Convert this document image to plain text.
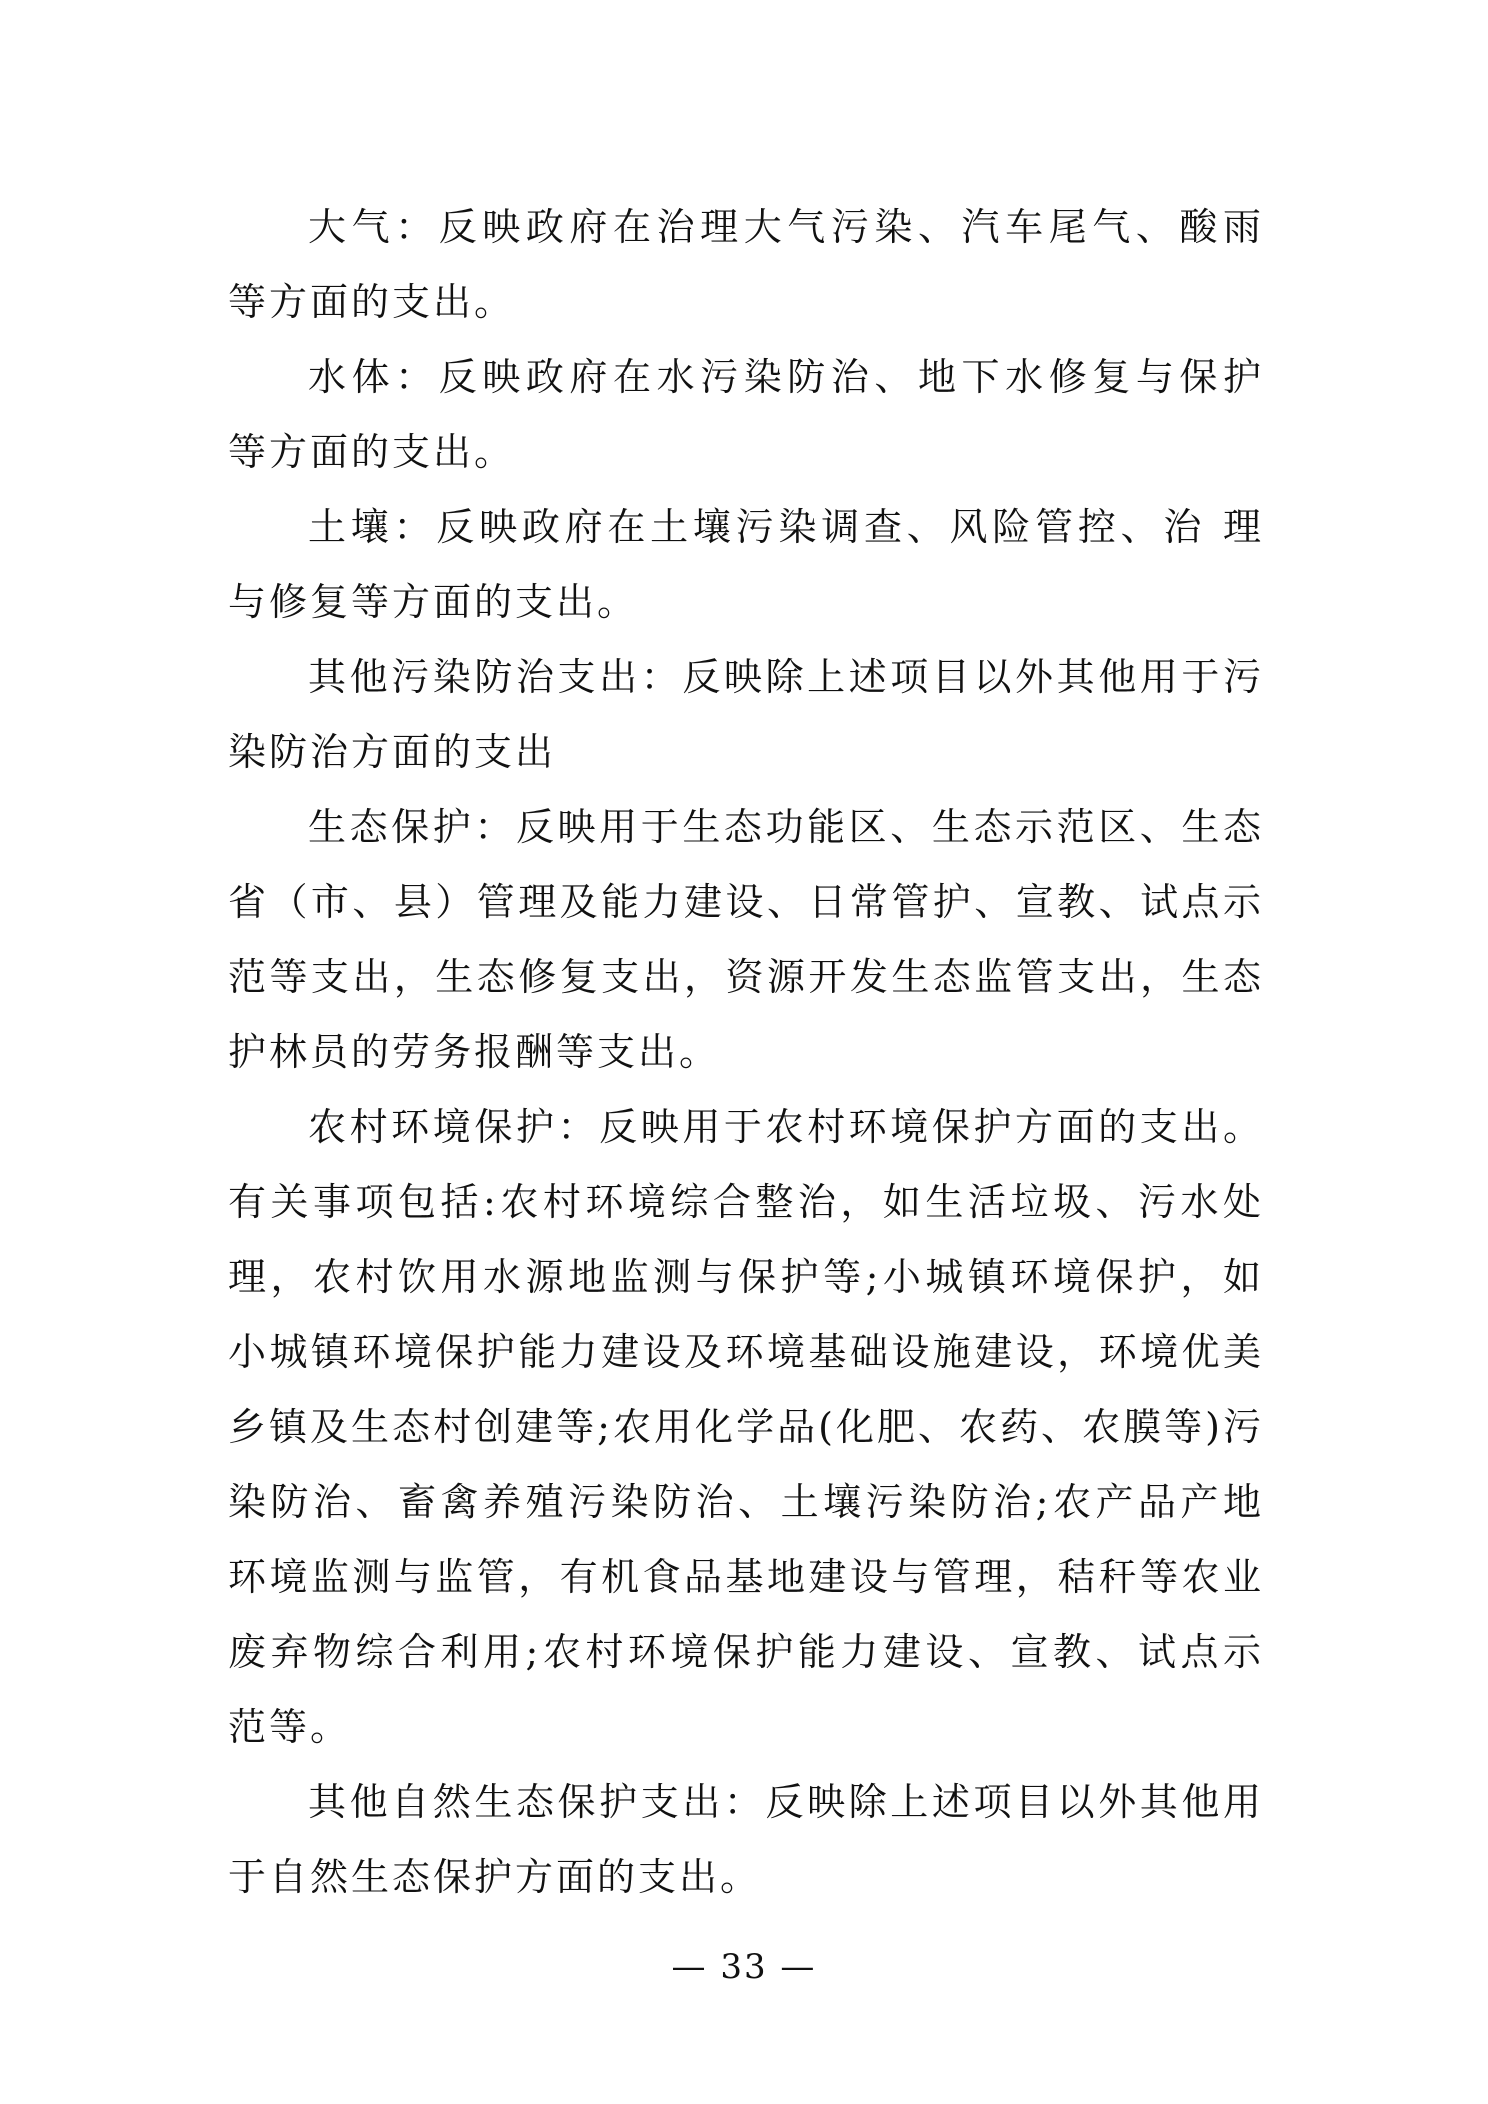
大气：反映政府在治理大气污染、汽车尾气、酸雨 等方面的支出。

水体：反映政府在水污染防治、地下水修复与保护 等方面的支出。

土壤：反映政府在土壤污染调查、风险管控、治 理与修复等方面的支出。

其他污染防治支出：反映除上述项目以外其他用于污染防治方面的支出

生态保护：反映用于生态功能区、生态示范区、生态省（市、县）管理及能力建设、日常管护、宣教、试点示范等支出，生态修复支出，资源开发生态监管支出，生态护林员的劳务报酬等支出。

农村环境保护：反映用于农村环境保护方面的支出。有关事项包括:农村环境综合整治，如生活垃圾、污水处理，农村饮用水源地监测与保护等;小城镇环境保护，如小城镇环境保护能力建设及环境基础设施建设，环境优美乡镇及生态村创建等;农用化学品(化肥、农药、农膜等)污染防治、畜禽养殖污染防治、土壤污染防治;农产品产地环境监测与监管，有机食品基地建设与管理，秸秆等农业废弃物综合利用;农村环境保护能力建设、宣教、试点示范等。

其他自然生态保护支出：反映除上述项目以外其他用于自然生态保护方面的支出。

— 33 —
